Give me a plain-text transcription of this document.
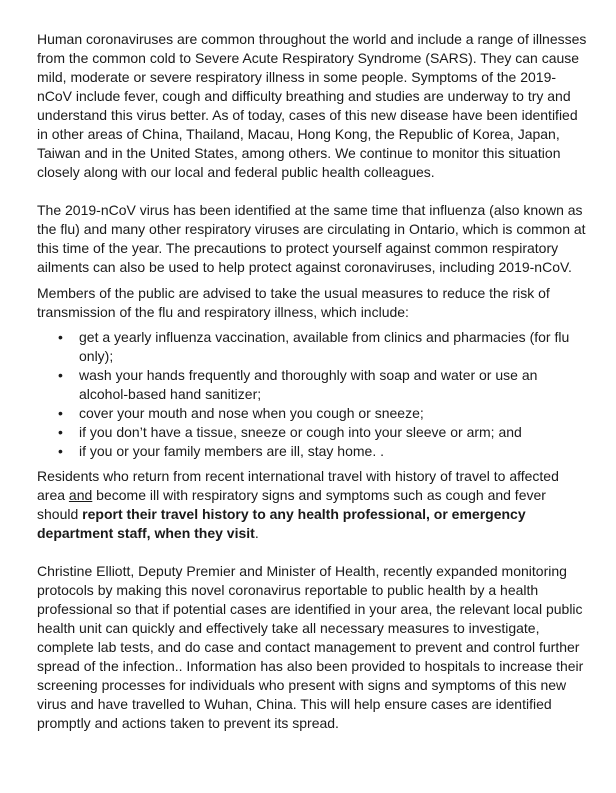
Human coronaviruses are common throughout the world and include a range of illnesses from the common cold to Severe Acute Respiratory Syndrome (SARS). They can cause mild, moderate or severe respiratory illness in some people. Symptoms of the 2019-nCoV include fever, cough and difficulty breathing and studies are underway to try and understand this virus better. As of today, cases of this new disease have been identified in other areas of China, Thailand, Macau, Hong Kong, the Republic of Korea, Japan, Taiwan and in the United States, among others. We continue to monitor this situation closely along with our local and federal public health colleagues.

The 2019-nCoV virus has been identified at the same time that influenza (also known as the flu) and many other respiratory viruses are circulating in Ontario, which is common at this time of the year. The precautions to protect yourself against common respiratory ailments can also be used to help protect against coronaviruses, including 2019-nCoV.

Members of the public are advised to take the usual measures to reduce the risk of transmission of the flu and respiratory illness, which include:

• get a yearly influenza vaccination, available from clinics and pharmacies (for flu only);
• wash your hands frequently and thoroughly with soap and water or use an alcohol-based hand sanitizer;
• cover your mouth and nose when you cough or sneeze;
• if you don’t have a tissue, sneeze or cough into your sleeve or arm; and
• if you or your family members are ill, stay home. .

Residents who return from recent international travel with history of travel to affected area and become ill with respiratory signs and symptoms such as cough and fever should report their travel history to any health professional, or emergency department staff, when they visit.

Christine Elliott, Deputy Premier and Minister of Health, recently expanded monitoring protocols by making this novel coronavirus reportable to public health by a health professional so that if potential cases are identified in your area, the relevant local public health unit can quickly and effectively take all necessary measures to investigate, complete lab tests, and do case and contact management to prevent and control further spread of the infection.. Information has also been provided to hospitals to increase their screening processes for individuals who present with signs and symptoms of this new virus and have travelled to Wuhan, China. This will help ensure cases are identified promptly and actions taken to prevent its spread.
